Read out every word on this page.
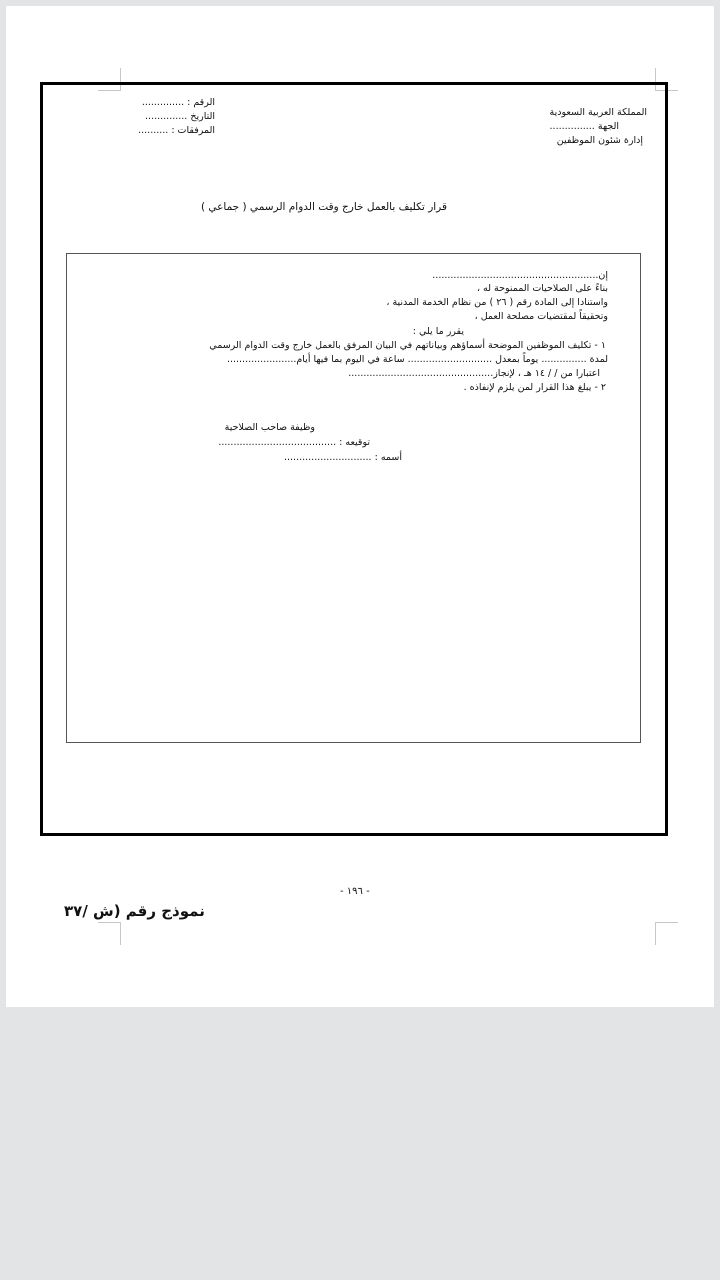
الرقم : ..............
التاريخ ..............
المرفقات : ..........
المملكة العربية السعودية
الجهة ...............
إدارة شئون الموظفين
قرار تكليف بالعمل خارج وقت الدوام الرسمي ( جماعي )
إن.......................................................
بناءً على الصلاحيات الممنوحة له ،
واستنادا إلى المادة رقم ( ٢٦ ) من نظام الخدمة المدنية ،
وتحقيقاً لمقتضيات مصلحة العمل ،
يقرر ما يلي :
١ - تكليف الموظفين الموضحة أسماؤهم وبياناتهم في البيان المرفق بالعمل خارج وقت الدوام الرسمي
لمدة ............... يوماً بمعدل ............................ ساعة في اليوم بما فيها أيام.......................
اعتبارا من / / ١٤ هـ ، لإنجاز................................................
٢ - يبلغ هذا القرار لمن يلزم لإنفاذه .
وظيفة صاحب الصلاحية
توقيعه : .......................................
أسمه : .............................
- ١٩٦ -
نموذج رقم (ش /٣٧
